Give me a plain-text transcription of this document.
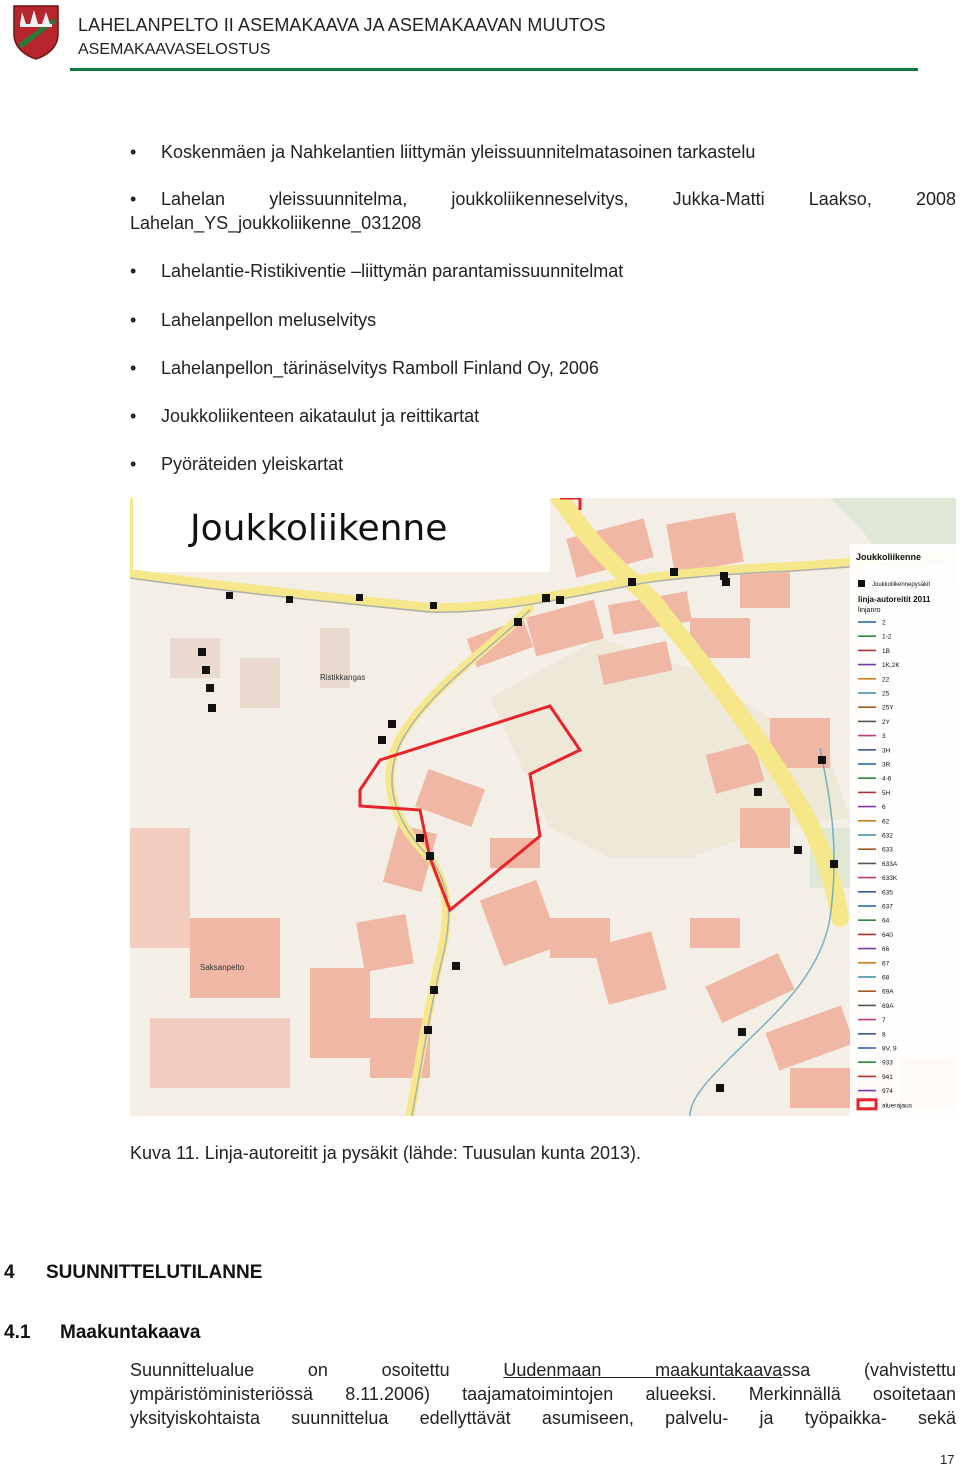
LAHELANPELTO II ASEMAKAAVA JA ASEMAKAAVAN MUUTOS
ASEMAKAAVASELOSTUS
• Koskenmäen ja Nahkelantien liittymän yleissuunnitelmatasoinen tarkastelu
• Lahelan yleissuunnitelma, joukkoliikenneselvitys, Jukka-Matti Laakso, 2008
Lahelan_YS_joukkoliikenne_031208
• Lahelantie-Ristikiventie –liittymän parantamissuunnitelmat
• Lahelanpellon meluselvitys
• Lahelanpellon_tärinäselvitys Ramboll Finland Oy, 2006
• Joukkoliikenteen aikataulut ja reittikartat
• Pyöräteiden yleiskartat
Ristikkangas
Saksanpelto
Joukkoliikenne
Joukkoliikenne
Joukkoliikennepysäkit
linja-autoreitit 2011
linjanro
2
1-2
1B
1K,2K
22
25
25Y
2Y
3
3H
3R
4-6
5H
6
62
632
633
633A
633K
635
637
64
640
66
67
68
69A
69A
7
8
8V, 9
933
941
974
aluerajaus
Kuva 11. Linja-autoreitit ja pysäkit (lähde: Tuusulan kunta 2013).
4 SUUNNITTELUTILANNE
4.1 Maakuntakaava
Suunnittelualue on osoitettu Uudenmaan maakuntakaavassa (vahvistettu
ympäristöministeriössä 8.11.2006) taajamatoimintojen alueeksi. Merkinnällä osoitetaan
yksityiskohtaista suunnittelua edellyttävät asumiseen, palvelu- ja työpaikka- sekä
17
